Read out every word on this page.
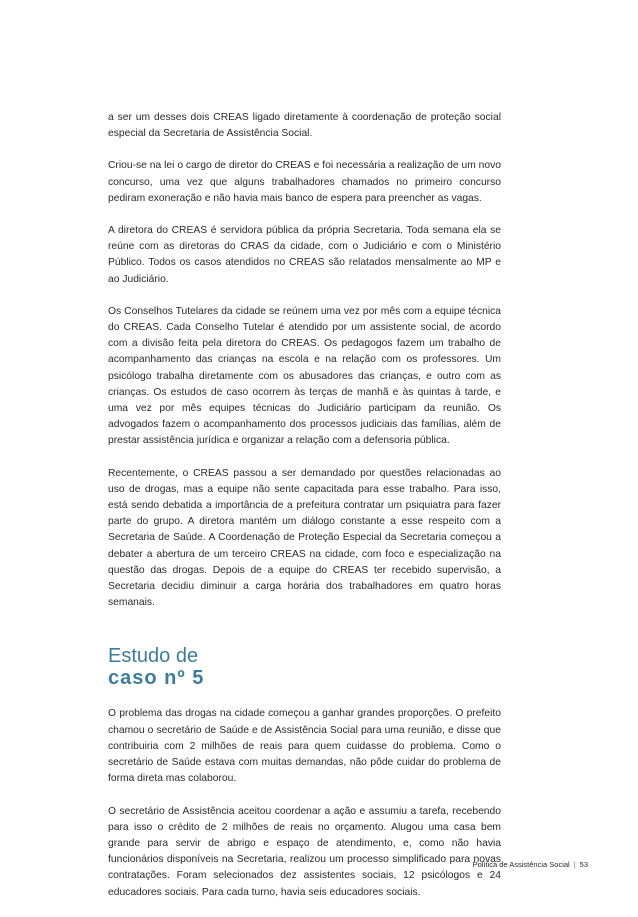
a ser um desses dois CREAS ligado diretamente à coordenação de proteção social especial da Secretaria de Assistência Social.

Criou-se na lei o cargo de diretor do CREAS e foi necessária a realização de um novo concurso, uma vez que alguns trabalhadores chamados no primeiro concurso pediram exoneração e não havia mais banco de espera para preencher as vagas.

A diretora do CREAS é servidora pública da própria Secretaria. Toda semana ela se reúne com as diretoras do CRAS da cidade, com o Judiciário e com o Ministério Público. Todos os casos atendidos no CREAS são relatados mensalmente ao MP e ao Judiciário.

Os Conselhos Tutelares da cidade se reúnem uma vez por mês com a equipe técnica do CREAS. Cada Conselho Tutelar é atendido por um assistente social, de acordo com a divisão feita pela diretora do CREAS. Os pedagogos fazem um trabalho de acompanhamento das crianças na escola e na relação com os professores. Um psicólogo trabalha diretamente com os abusadores das crianças, e outro com as crianças. Os estudos de caso ocorrem às terças de manhã e às quintas à tarde, e uma vez por mês equipes técnicas do Judiciário participam da reunião. Os advogados fazem o acompanhamento dos processos judiciais das famílias, além de prestar assistência jurídica e organizar a relação com a defensoria pública.

Recentemente, o CREAS passou a ser demandado por questões relacionadas ao uso de drogas, mas a equipe não sente capacitada para esse trabalho. Para isso, está sendo debatida a importância de a prefeitura contratar um psiquiatra para fazer parte do grupo. A diretora mantém um diálogo constante a esse respeito com a Secretaria de Saúde. A Coordenação de Proteção Especial da Secretaria começou a debater a abertura de um terceiro CREAS na cidade, com foco e especialização na questão das drogas. Depois de a equipe do CREAS ter recebido supervisão, a Secretaria decidiu diminuir a carga horária dos trabalhadores em quatro horas semanais.

Estudo de
caso nº 5

O problema das drogas na cidade começou a ganhar grandes proporções. O prefeito chamou o secretário de Saúde e de Assistência Social para uma reunião, e disse que contribuiria com 2 milhões de reais para quem cuidasse do problema. Como o secretário de Saúde estava com muitas demandas, não pôde cuidar do problema de forma direta mas colaborou.

O secretário de Assistência aceitou coordenar a ação e assumiu a tarefa, recebendo para isso o crédito de 2 milhões de reais no orçamento. Alugou uma casa bem grande para servir de abrigo e espaço de atendimento, e, como não havia funcionários disponíveis na Secretaria, realizou um processo simplificado para novas contratações. Foram selecionados dez assistentes sociais, 12 psicólogos e 24 educadores sociais. Para cada turno, havia seis educadores sociais.

Política de Assistência Social | 53
